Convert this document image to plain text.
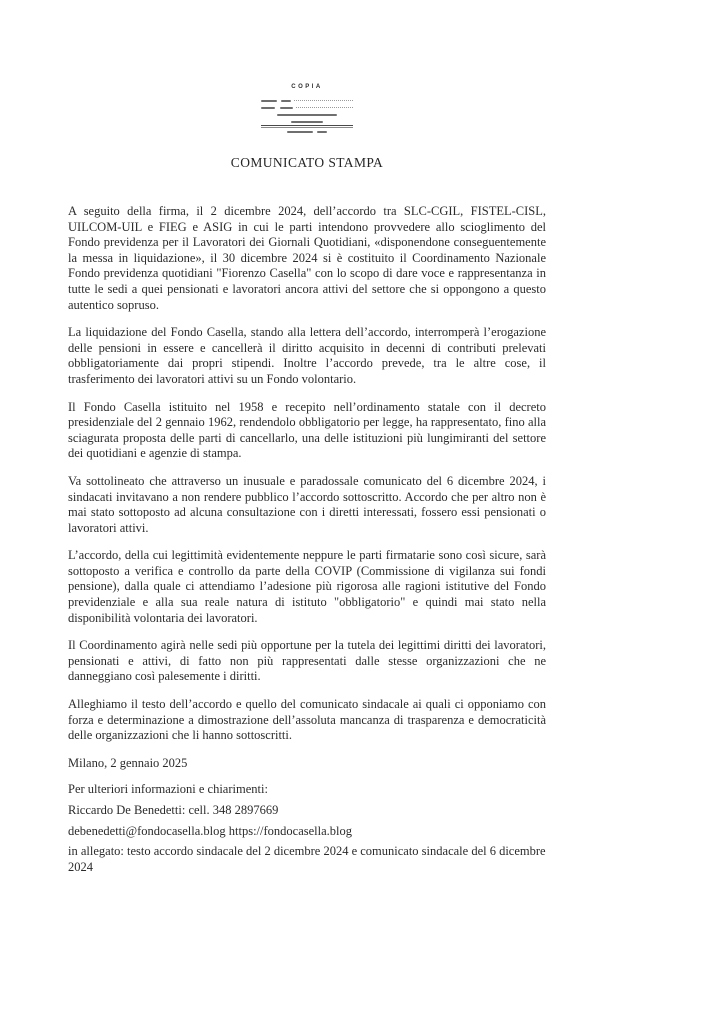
COPIA
COMUNICATO STAMPA

A seguito della firma, il 2 dicembre 2024, dell’accordo tra SLC-CGIL, FISTEL-CISL, UILCOM-UIL e FIEG e ASIG in cui le parti intendono provvedere allo scioglimento del Fondo previdenza per il Lavoratori dei Giornali Quotidiani, «disponendone conseguentemente la messa in liquidazione», il 30 dicembre 2024 si è costituito il Coordinamento Nazionale Fondo previdenza quotidiani "Fiorenzo Casella" con lo scopo di dare voce e rappresentanza in tutte le sedi a quei pensionati e lavoratori ancora attivi del settore che si oppongono a questo autentico sopruso.

La liquidazione del Fondo Casella, stando alla lettera dell’accordo, interromperà l’erogazione delle pensioni in essere e cancellerà il diritto acquisito in decenni di contributi prelevati obbligatoriamente dai propri stipendi. Inoltre l’accordo prevede, tra le altre cose, il trasferimento dei lavoratori attivi su un Fondo volontario.

Il Fondo Casella istituito nel 1958 e recepito nell’ordinamento statale con il decreto presidenziale del 2 gennaio 1962, rendendolo obbligatorio per legge, ha rappresentato, fino alla sciagurata proposta delle parti di cancellarlo, una delle istituzioni più lungimiranti del settore dei quotidiani e agenzie di stampa.

Va sottolineato che attraverso un inusuale e paradossale comunicato del 6 dicembre 2024, i sindacati invitavano a non rendere pubblico l’accordo sottoscritto. Accordo che per altro non è mai stato sottoposto ad alcuna consultazione con i diretti interessati, fossero essi pensionati o lavoratori attivi.

L’accordo, della cui legittimità evidentemente neppure le parti firmatarie sono così sicure, sarà sottoposto a verifica e controllo da parte della COVIP (Commissione di vigilanza sui fondi pensione), dalla quale ci attendiamo l’adesione più rigorosa alle ragioni istitutive del Fondo previdenziale e alla sua reale natura di istituto "obbligatorio" e quindi mai stato nella disponibilità volontaria dei lavoratori.

Il Coordinamento agirà nelle sedi più opportune per la tutela dei legittimi diritti dei lavoratori, pensionati e attivi, di fatto non più rappresentati dalle stesse organizzazioni che ne danneggiano così palesemente i diritti.

Alleghiamo il testo dell’accordo e quello del comunicato sindacale ai quali ci opponiamo con forza e determinazione a dimostrazione dell’assoluta mancanza di trasparenza e democraticità delle organizzazioni che li hanno sottoscritti.

Milano, 2 gennaio 2025

Per ulteriori informazioni e chiarimenti:

Riccardo De Benedetti: cell. 348 2897669

debenedetti@fondocasella.blog https://fondocasella.blog

in allegato: testo accordo sindacale del 2 dicembre 2024 e comunicato sindacale del 6 dicembre 2024
